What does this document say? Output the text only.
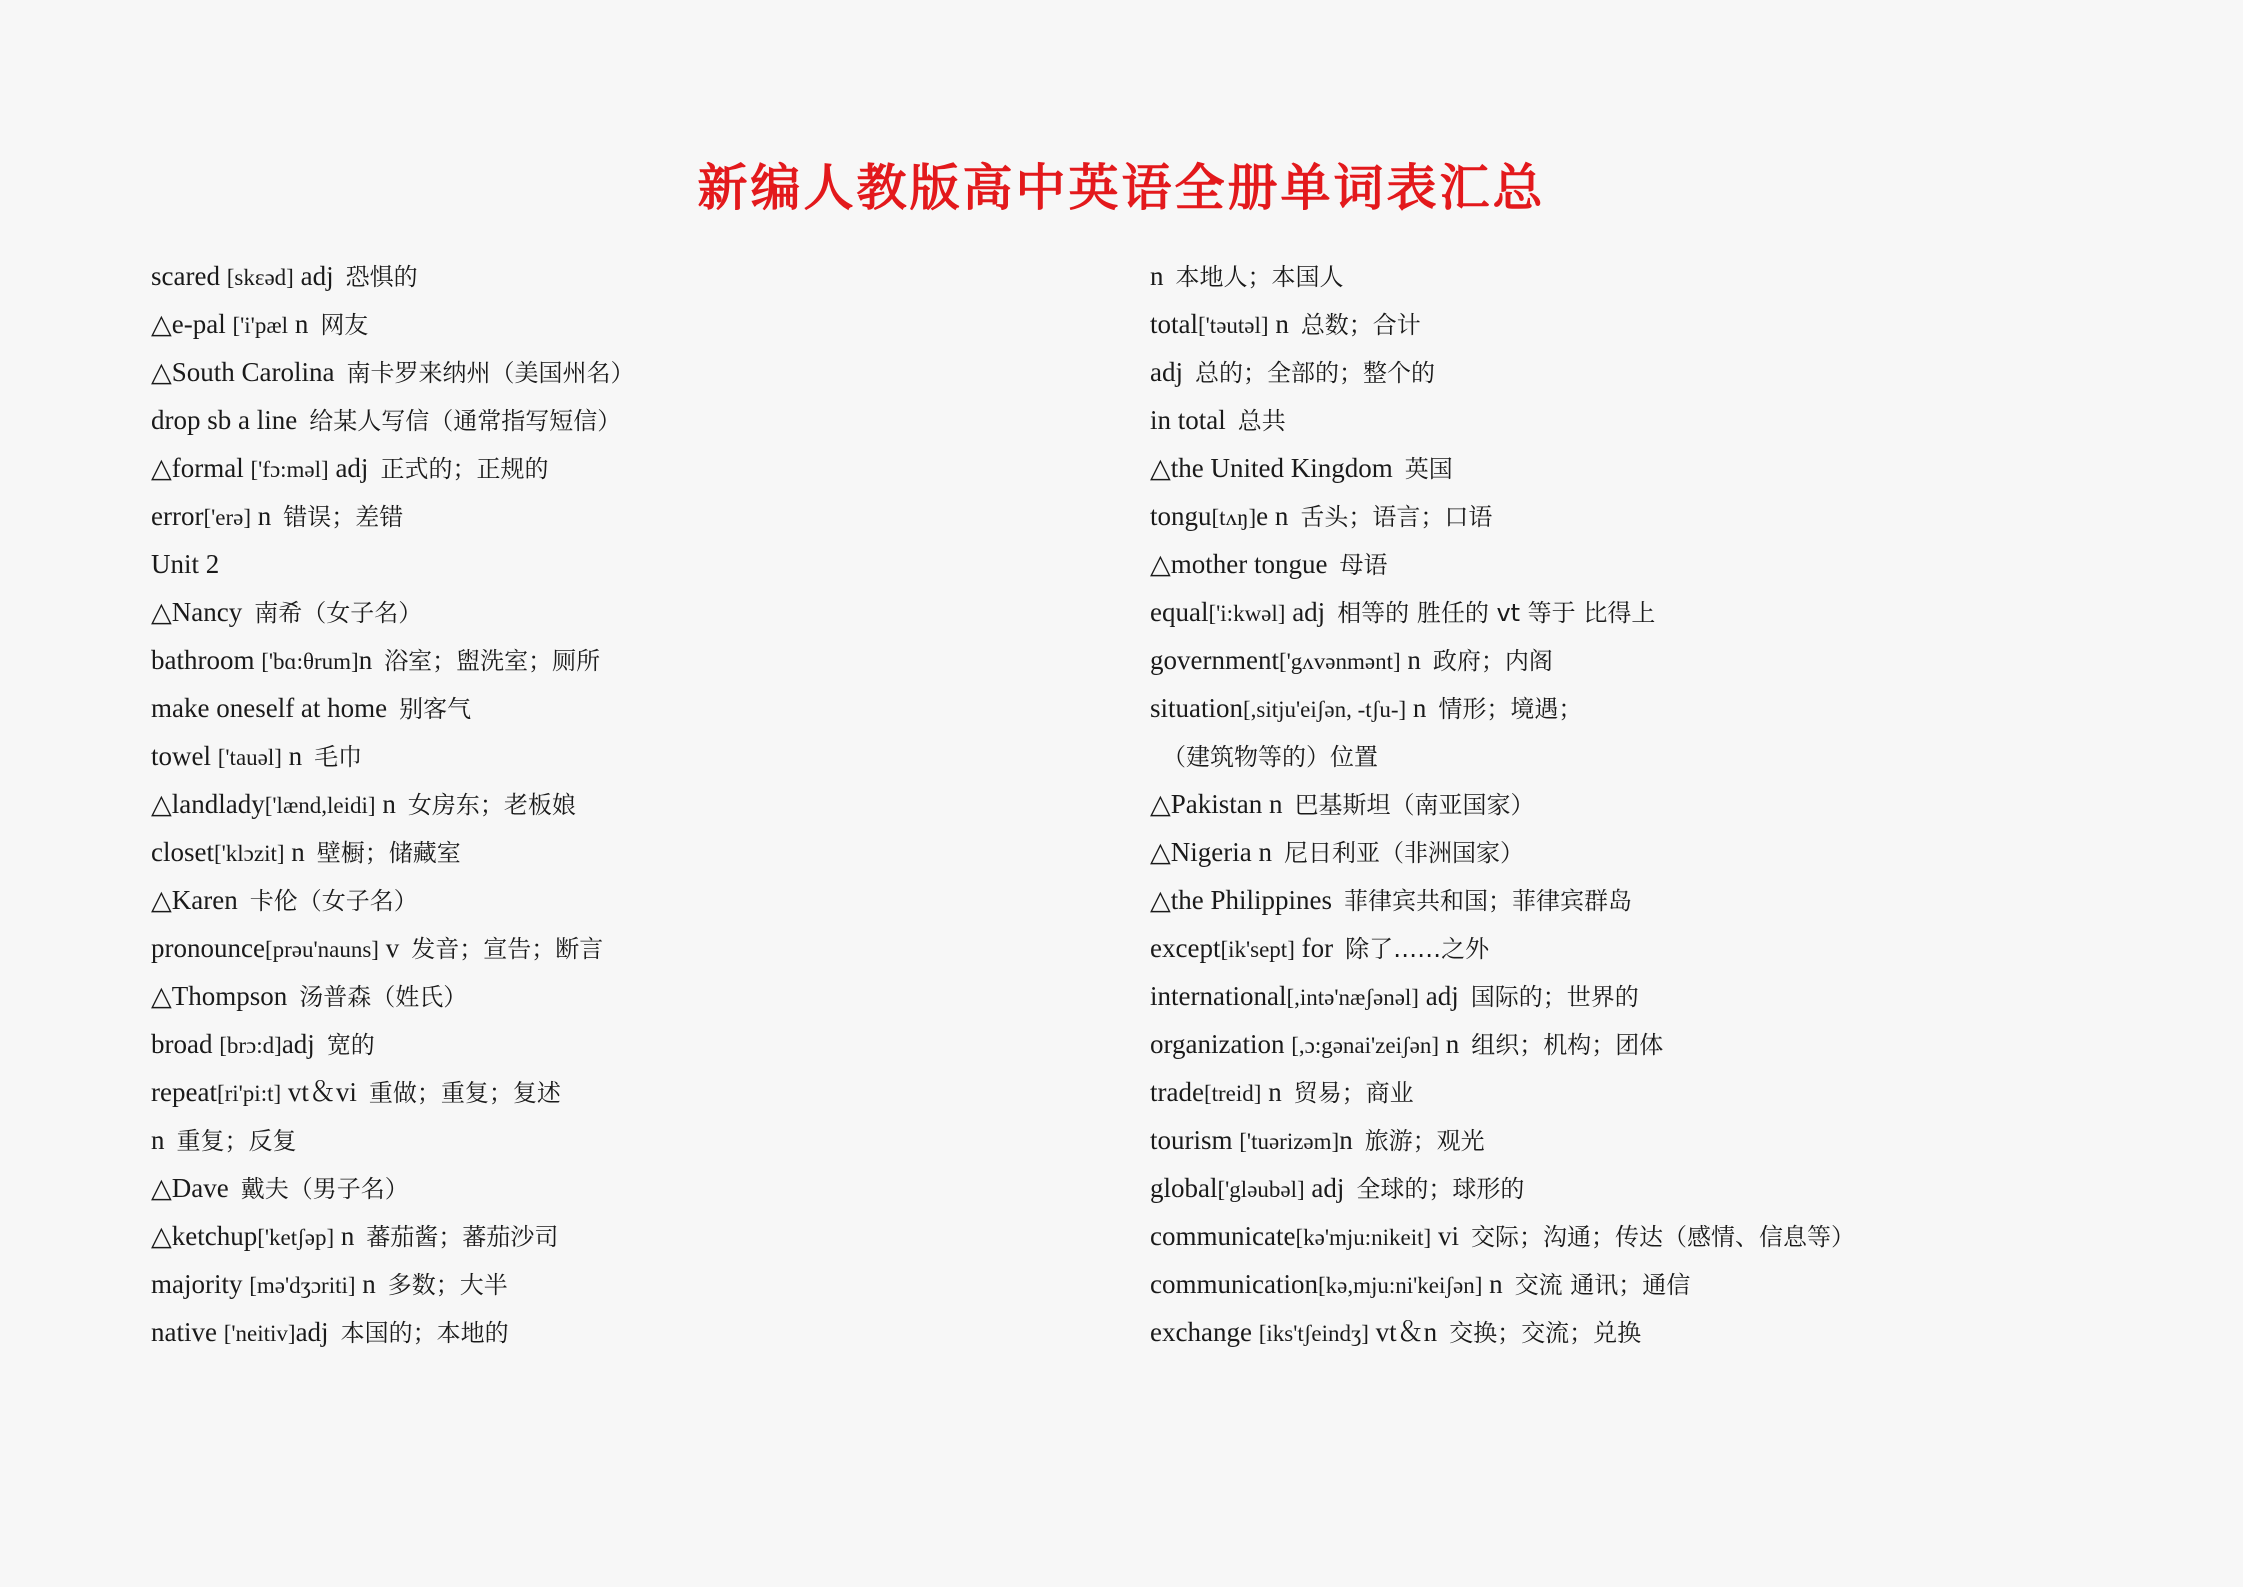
新编人教版高中英语全册单词表汇总
scared [skεəd] adj 恐惧的
△e-pal ['i'pæl n 网友
△South Carolina 南卡罗来纳州（美国州名）
drop sb a line 给某人写信（通常指写短信）
△formal ['fɔ:məl] adj 正式的；正规的
error['erə] n 错误；差错
Unit 2
△Nancy 南希（女子名）
bathroom ['bɑ:θrum]n 浴室；盥洗室；厕所
make oneself at home 别客气
towel ['tauəl] n 毛巾
△landlady['lænd,leidi] n 女房东；老板娘
closet['klɔzit] n 壁橱；储藏室
△Karen 卡伦（女子名）
pronounce[prəu'nauns] v 发音；宣告；断言
△Thompson 汤普森（姓氏）
broad [brɔ:d]adj 宽的
repeat[ri'pi:t] vt＆vi 重做；重复；复述
n 重复；反复
△Dave 戴夫（男子名）
△ketchup['ketʃəp] n 蕃茄酱；蕃茄沙司
majority [mə'dʒɔriti] n 多数；大半
native ['neitiv]adj 本国的；本地的
n 本地人；本国人
total['təutəl] n 总数；合计
adj 总的；全部的；整个的
in total 总共
△the United Kingdom 英国
tongu[tʌŋ]e n 舌头；语言；口语
△mother tongue 母语
equal['i:kwəl] adj 相等的 胜任的 vt 等于 比得上
government['gʌvənmənt] n 政府；内阁
situation[,sitju'eiʃən, -tʃu-] n 情形；境遇；
（建筑物等的）位置
△Pakistan n 巴基斯坦（南亚国家）
△Nigeria n 尼日利亚（非洲国家）
△the Philippines 菲律宾共和国；菲律宾群岛
except[ik'sept] for 除了……之外
international[,intə'næʃənəl] adj 国际的；世界的
organization [,ɔ:gənai'zeiʃən] n 组织；机构；团体
trade[treid] n 贸易；商业
tourism ['tuərizəm]n 旅游；观光
global['gləubəl] adj 全球的；球形的
communicate[kə'mju:nikeit] vi 交际；沟通；传达（感情、信息等）
communication[kə,mju:ni'keiʃən] n 交流 通讯；通信
exchange [iks'tʃeindʒ] vt＆n 交换；交流；兑换
